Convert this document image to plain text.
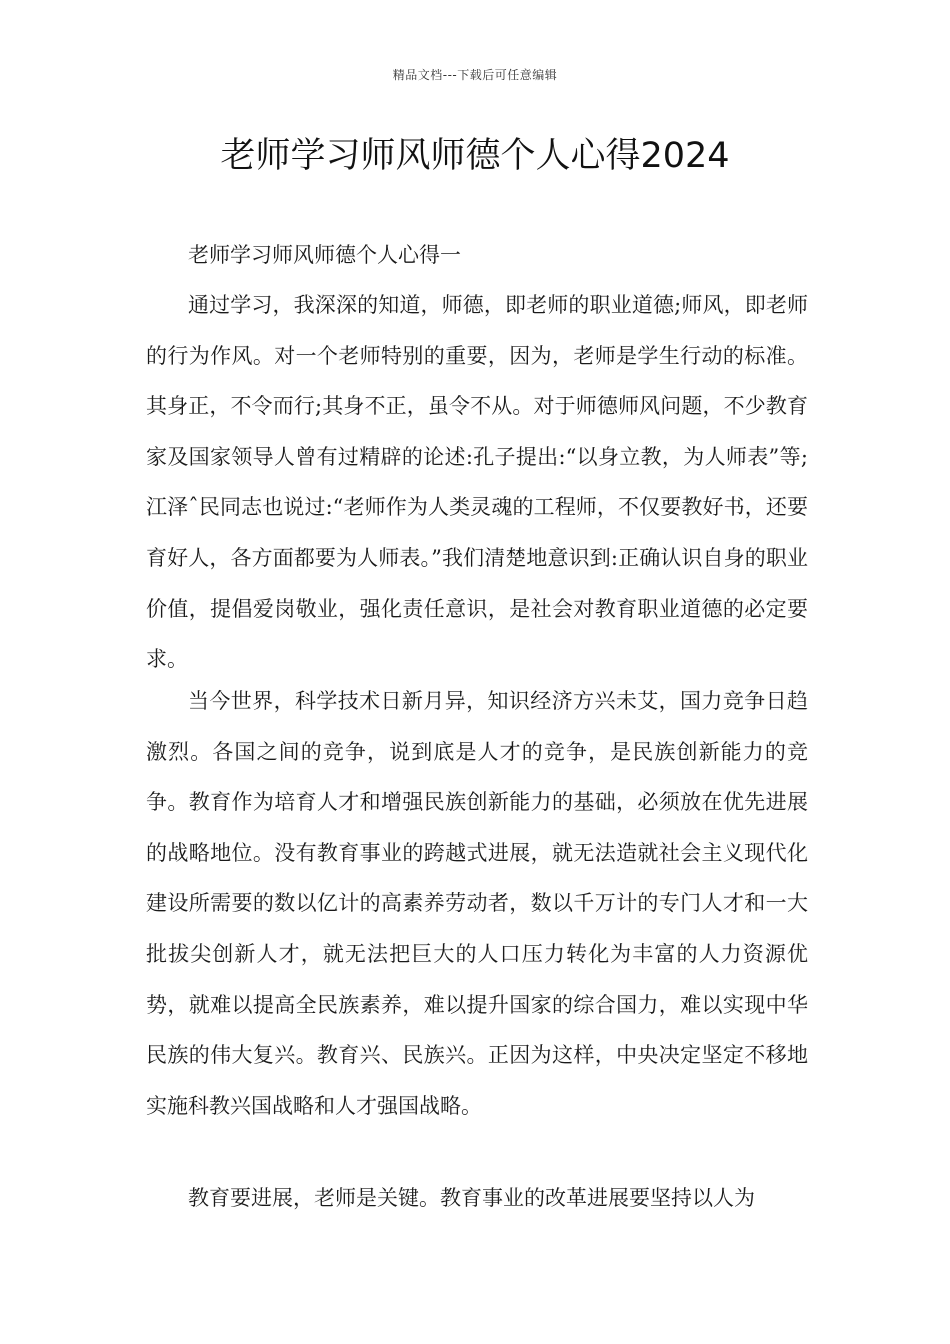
精品文档---下载后可任意编辑
老师学习师风师德个人心得2024

老师学习师风师德个人心得一

通过学习，我深深的知道，师德，即老师的职业道德;师风，即老师的行为作风。对一个老师特别的重要，因为，老师是学生行动的标准。其身正，不令而行;其身不正，虽令不从。对于师德师风问题，不少教育家及国家领导人曾有过精辟的论述:孔子提出:“以身立教，为人师表”等;江泽ˆ民同志也说过:“老师作为人类灵魂的工程师，不仅要教好书，还要育好人，各方面都要为人师表。”我们清楚地意识到:正确认识自身的职业价值，提倡爱岗敬业，强化责任意识，是社会对教育职业道德的必定要求。

当今世界，科学技术日新月异，知识经济方兴未艾，国力竞争日趋激烈。各国之间的竞争，说到底是人才的竞争，是民族创新能力的竞争。教育作为培育人才和增强民族创新能力的基础，必须放在优先进展的战略地位。没有教育事业的跨越式进展，就无法造就社会主义现代化建设所需要的数以亿计的高素养劳动者，数以千万计的专门人才和一大批拔尖创新人才，就无法把巨大的人口压力转化为丰富的人力资源优势，就难以提高全民族素养，难以提升国家的综合国力，难以实现中华民族的伟大复兴。教育兴、民族兴。正因为这样，中央决定坚定不移地实施科教兴国战略和人才强国战略。

教育要进展，老师是关键。教育事业的改革进展要坚持以人为
